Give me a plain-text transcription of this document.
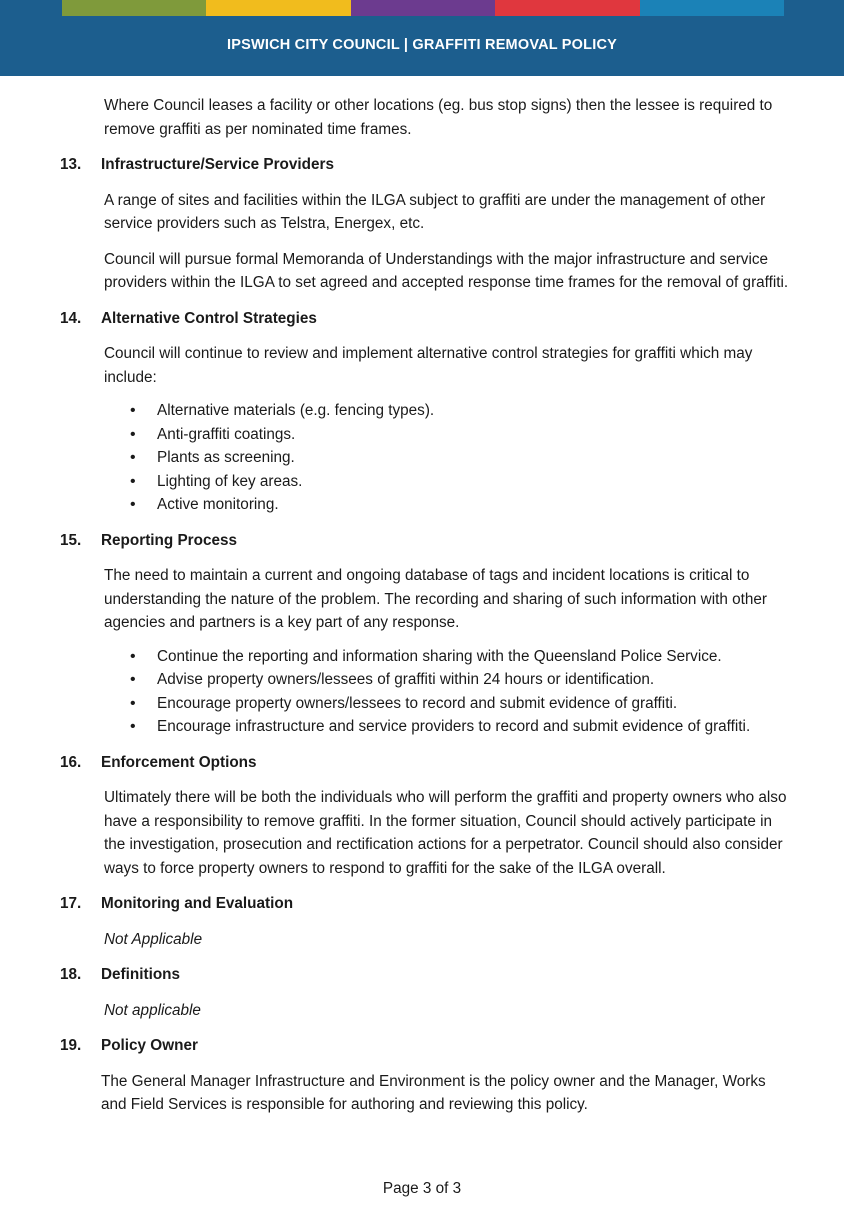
IPSWICH CITY COUNCIL | GRAFFITI REMOVAL POLICY

Where Council leases a facility or other locations (eg. bus stop signs) then the lessee is required to remove graffiti as per nominated time frames.

13.	Infrastructure/Service Providers

A range of sites and facilities within the ILGA subject to graffiti are under the management of other service providers such as Telstra, Energex, etc.

Council will pursue formal Memoranda of Understandings with the major infrastructure and service providers within the ILGA to set agreed and accepted response time frames for the removal of graffiti.

14.	Alternative Control Strategies

Council will continue to review and implement alternative control strategies for graffiti which may include:

• Alternative materials (e.g. fencing types).
• Anti-graffiti coatings.
• Plants as screening.
• Lighting of key areas.
• Active monitoring.
15.	Reporting Process

The need to maintain a current and ongoing database of tags and incident locations is critical to understanding the nature of the problem. The recording and sharing of such information with other agencies and partners is a key part of any response.

• Continue the reporting and information sharing with the Queensland Police Service.
• Advise property owners/lessees of graffiti within 24 hours or identification.
• Encourage property owners/lessees to record and submit evidence of graffiti.
• Encourage infrastructure and service providers to record and submit evidence of graffiti.
16.	Enforcement Options

Ultimately there will be both the individuals who will perform the graffiti and property owners who also have a responsibility to remove graffiti. In the former situation, Council should actively participate in the investigation, prosecution and rectification actions for a perpetrator. Council should also consider ways to force property owners to respond to graffiti for the sake of the ILGA overall.

17.	Monitoring and Evaluation

Not Applicable

18.	Definitions

Not applicable

19.	Policy Owner

The General Manager Infrastructure and Environment is the policy owner and the Manager, Works and Field Services is responsible for authoring and reviewing this policy.

Page 3 of 3
